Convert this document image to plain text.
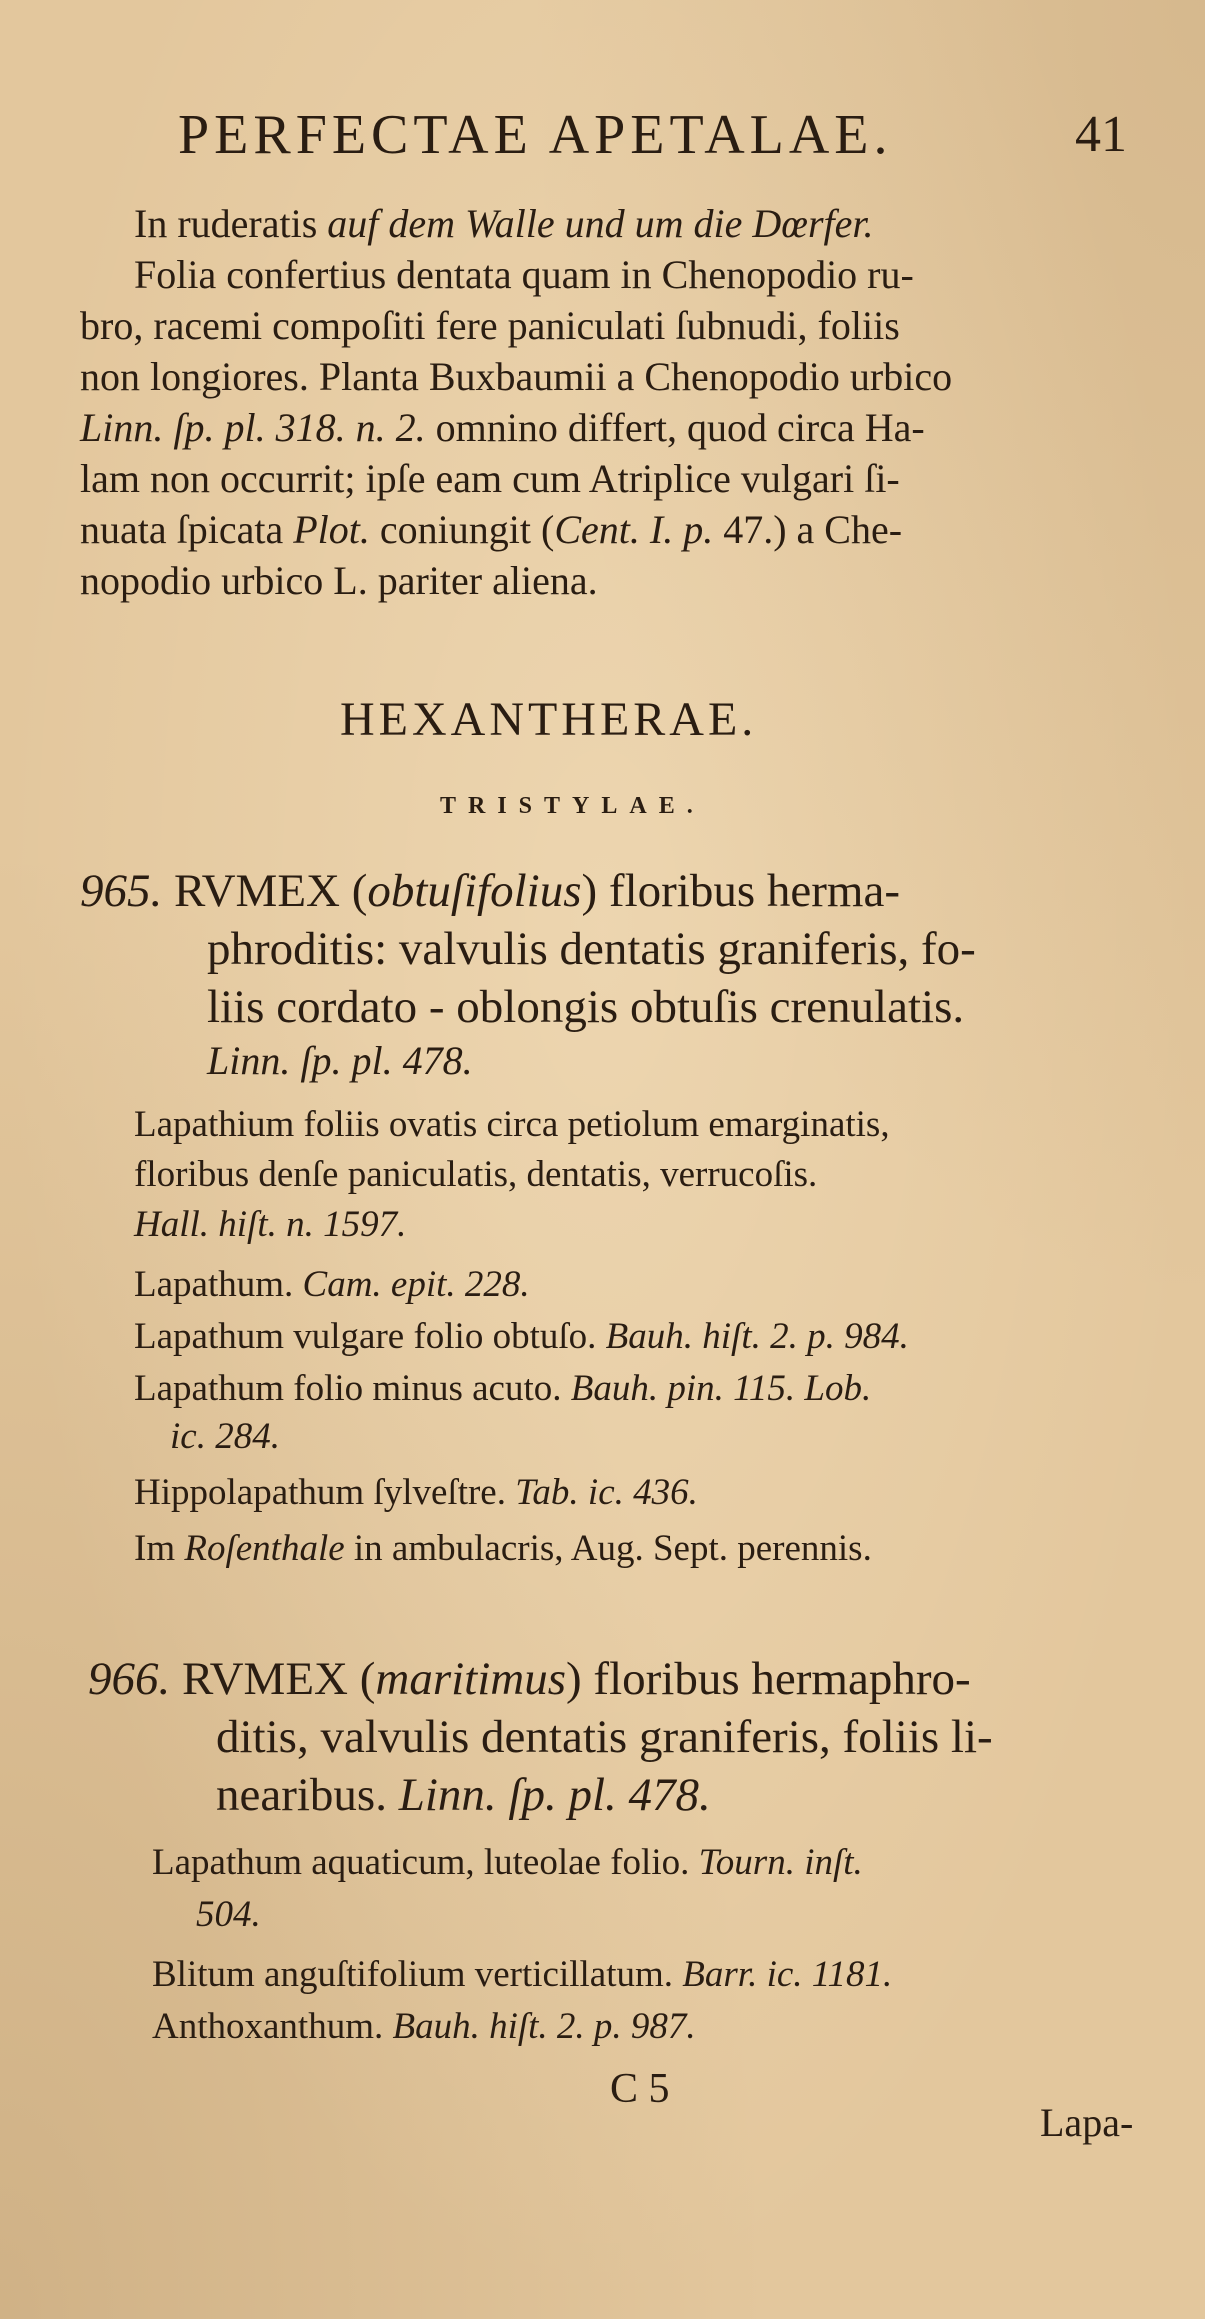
PERFECTAE APETALAE.	41
In ruderatis auf dem Walle und um die Dœrfer.
Folia confertius dentata quam in Chenopodio ru-
bro, racemi compoſiti fere paniculati ſubnudi, foliis
non longiores. Planta Buxbaumii a Chenopodio urbico
Linn. ſp. pl. 318. n. 2. omnino differt, quod circa Ha-
lam non occurrit; ipſe eam cum Atriplice vulgari ſi-
nuata ſpicata Plot. coniungit (Cent. I. p. 47.) a Che-
nopodio urbico L. pariter aliena.
HEXANTHERAE.
TRISTYLAE.
965. RVMEX (obtuſifolius) floribus herma-
phroditis: valvulis dentatis graniferis, fo-
liis cordato - oblongis obtuſis crenulatis.
Linn. ſp. pl. 478.
Lapathium foliis ovatis circa petiolum emarginatis,
floribus denſe paniculatis, dentatis, verrucoſis.
Hall. hiſt. n. 1597.
Lapathum. Cam. epit. 228.
Lapathum vulgare folio obtuſo. Bauh. hiſt. 2. p. 984.
Lapathum folio minus acuto. Bauh. pin. 115. Lob.
ic. 284.
Hippolapathum ſylveſtre. Tab. ic. 436.
Im Roſenthale in ambulacris, Aug. Sept. perennis.
966. RVMEX (maritimus) floribus hermaphro-
ditis, valvulis dentatis graniferis, foliis li-
nearibus. Linn. ſp. pl. 478.
Lapathum aquaticum, luteolae folio. Tourn. inſt.
504.
Blitum anguſtifolium verticillatum. Barr. ic. 1181.
Anthoxanthum. Bauh. hiſt. 2. p. 987.
C 5
Lapa-
